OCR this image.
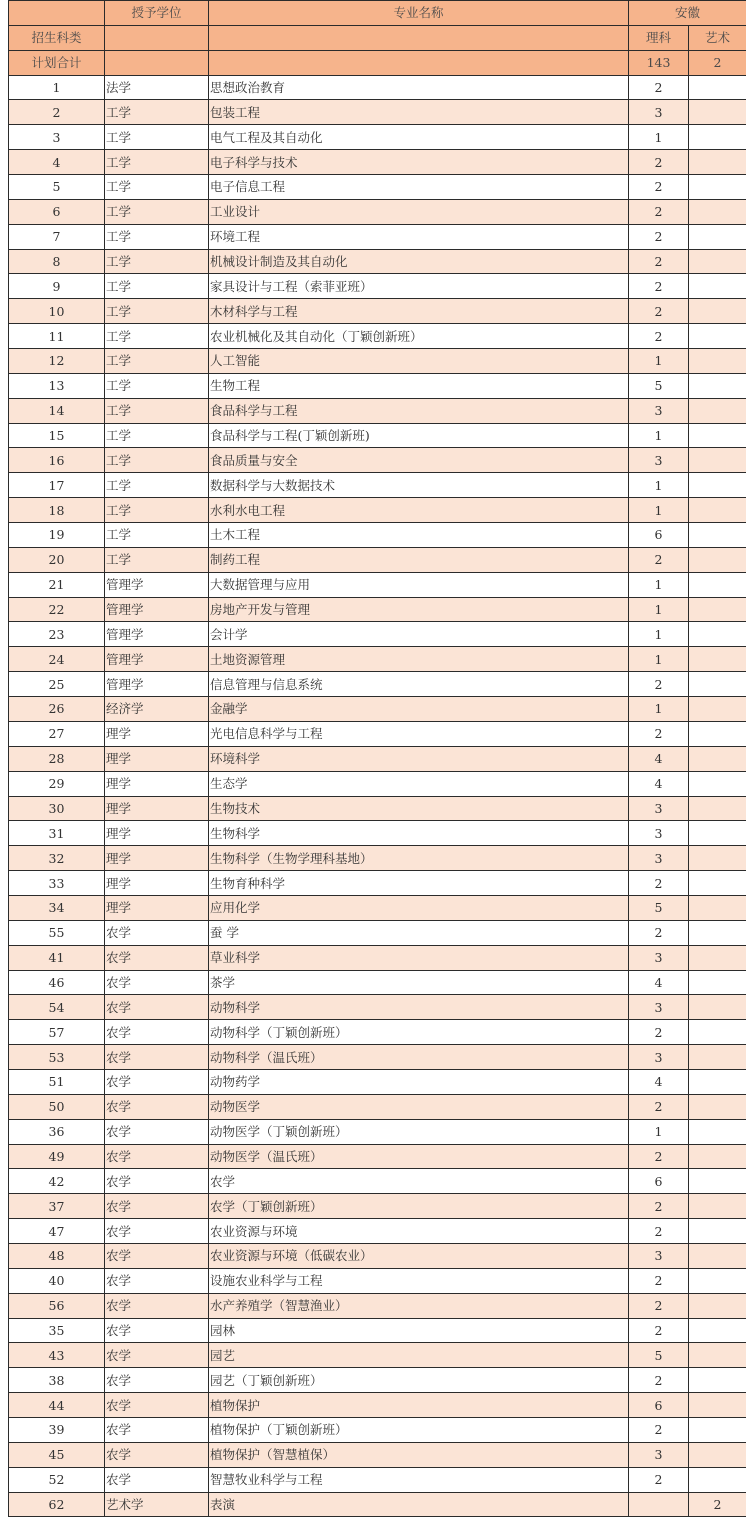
	授予学位	专业名称	安徽	
招生科类			理科	艺术
计划合计			143	2
1	法学	思想政治教育	2	
2	工学	包装工程	3	
3	工学	电气工程及其自动化	1	
4	工学	电子科学与技术	2	
5	工学	电子信息工程	2	
6	工学	工业设计	2	
7	工学	环境工程	2	
8	工学	机械设计制造及其自动化	2	
9	工学	家具设计与工程（索菲亚班）	2	
10	工学	木材科学与工程	2	
11	工学	农业机械化及其自动化（丁颖创新班）	2	
12	工学	人工智能	1	
13	工学	生物工程	5	
14	工学	食品科学与工程	3	
15	工学	食品科学与工程(丁颖创新班)	1	
16	工学	食品质量与安全	3	
17	工学	数据科学与大数据技术	1	
18	工学	水利水电工程	1	
19	工学	土木工程	6	
20	工学	制药工程	2	
21	管理学	大数据管理与应用	1	
22	管理学	房地产开发与管理	1	
23	管理学	会计学	1	
24	管理学	土地资源管理	1	
25	管理学	信息管理与信息系统	2	
26	经济学	金融学	1	
27	理学	光电信息科学与工程	2	
28	理学	环境科学	4	
29	理学	生态学	4	
30	理学	生物技术	3	
31	理学	生物科学	3	
32	理学	生物科学（生物学理科基地）	3	
33	理学	生物育种科学	2	
34	理学	应用化学	5	
55	农学	蚕 学	2	
41	农学	草业科学	3	
46	农学	茶学	4	
54	农学	动物科学	3	
57	农学	动物科学（丁颖创新班）	2	
53	农学	动物科学（温氏班）	3	
51	农学	动物药学	4	
50	农学	动物医学	2	
36	农学	动物医学（丁颖创新班）	1	
49	农学	动物医学（温氏班）	2	
42	农学	农学	6	
37	农学	农学（丁颖创新班）	2	
47	农学	农业资源与环境	2	
48	农学	农业资源与环境（低碳农业）	3	
40	农学	设施农业科学与工程	2	
56	农学	水产养殖学（智慧渔业）	2	
35	农学	园林	2	
43	农学	园艺	5	
38	农学	园艺（丁颖创新班）	2	
44	农学	植物保护	6	
39	农学	植物保护（丁颖创新班）	2	
45	农学	植物保护（智慧植保）	3	
52	农学	智慧牧业科学与工程	2	
62	艺术学	表演		2
